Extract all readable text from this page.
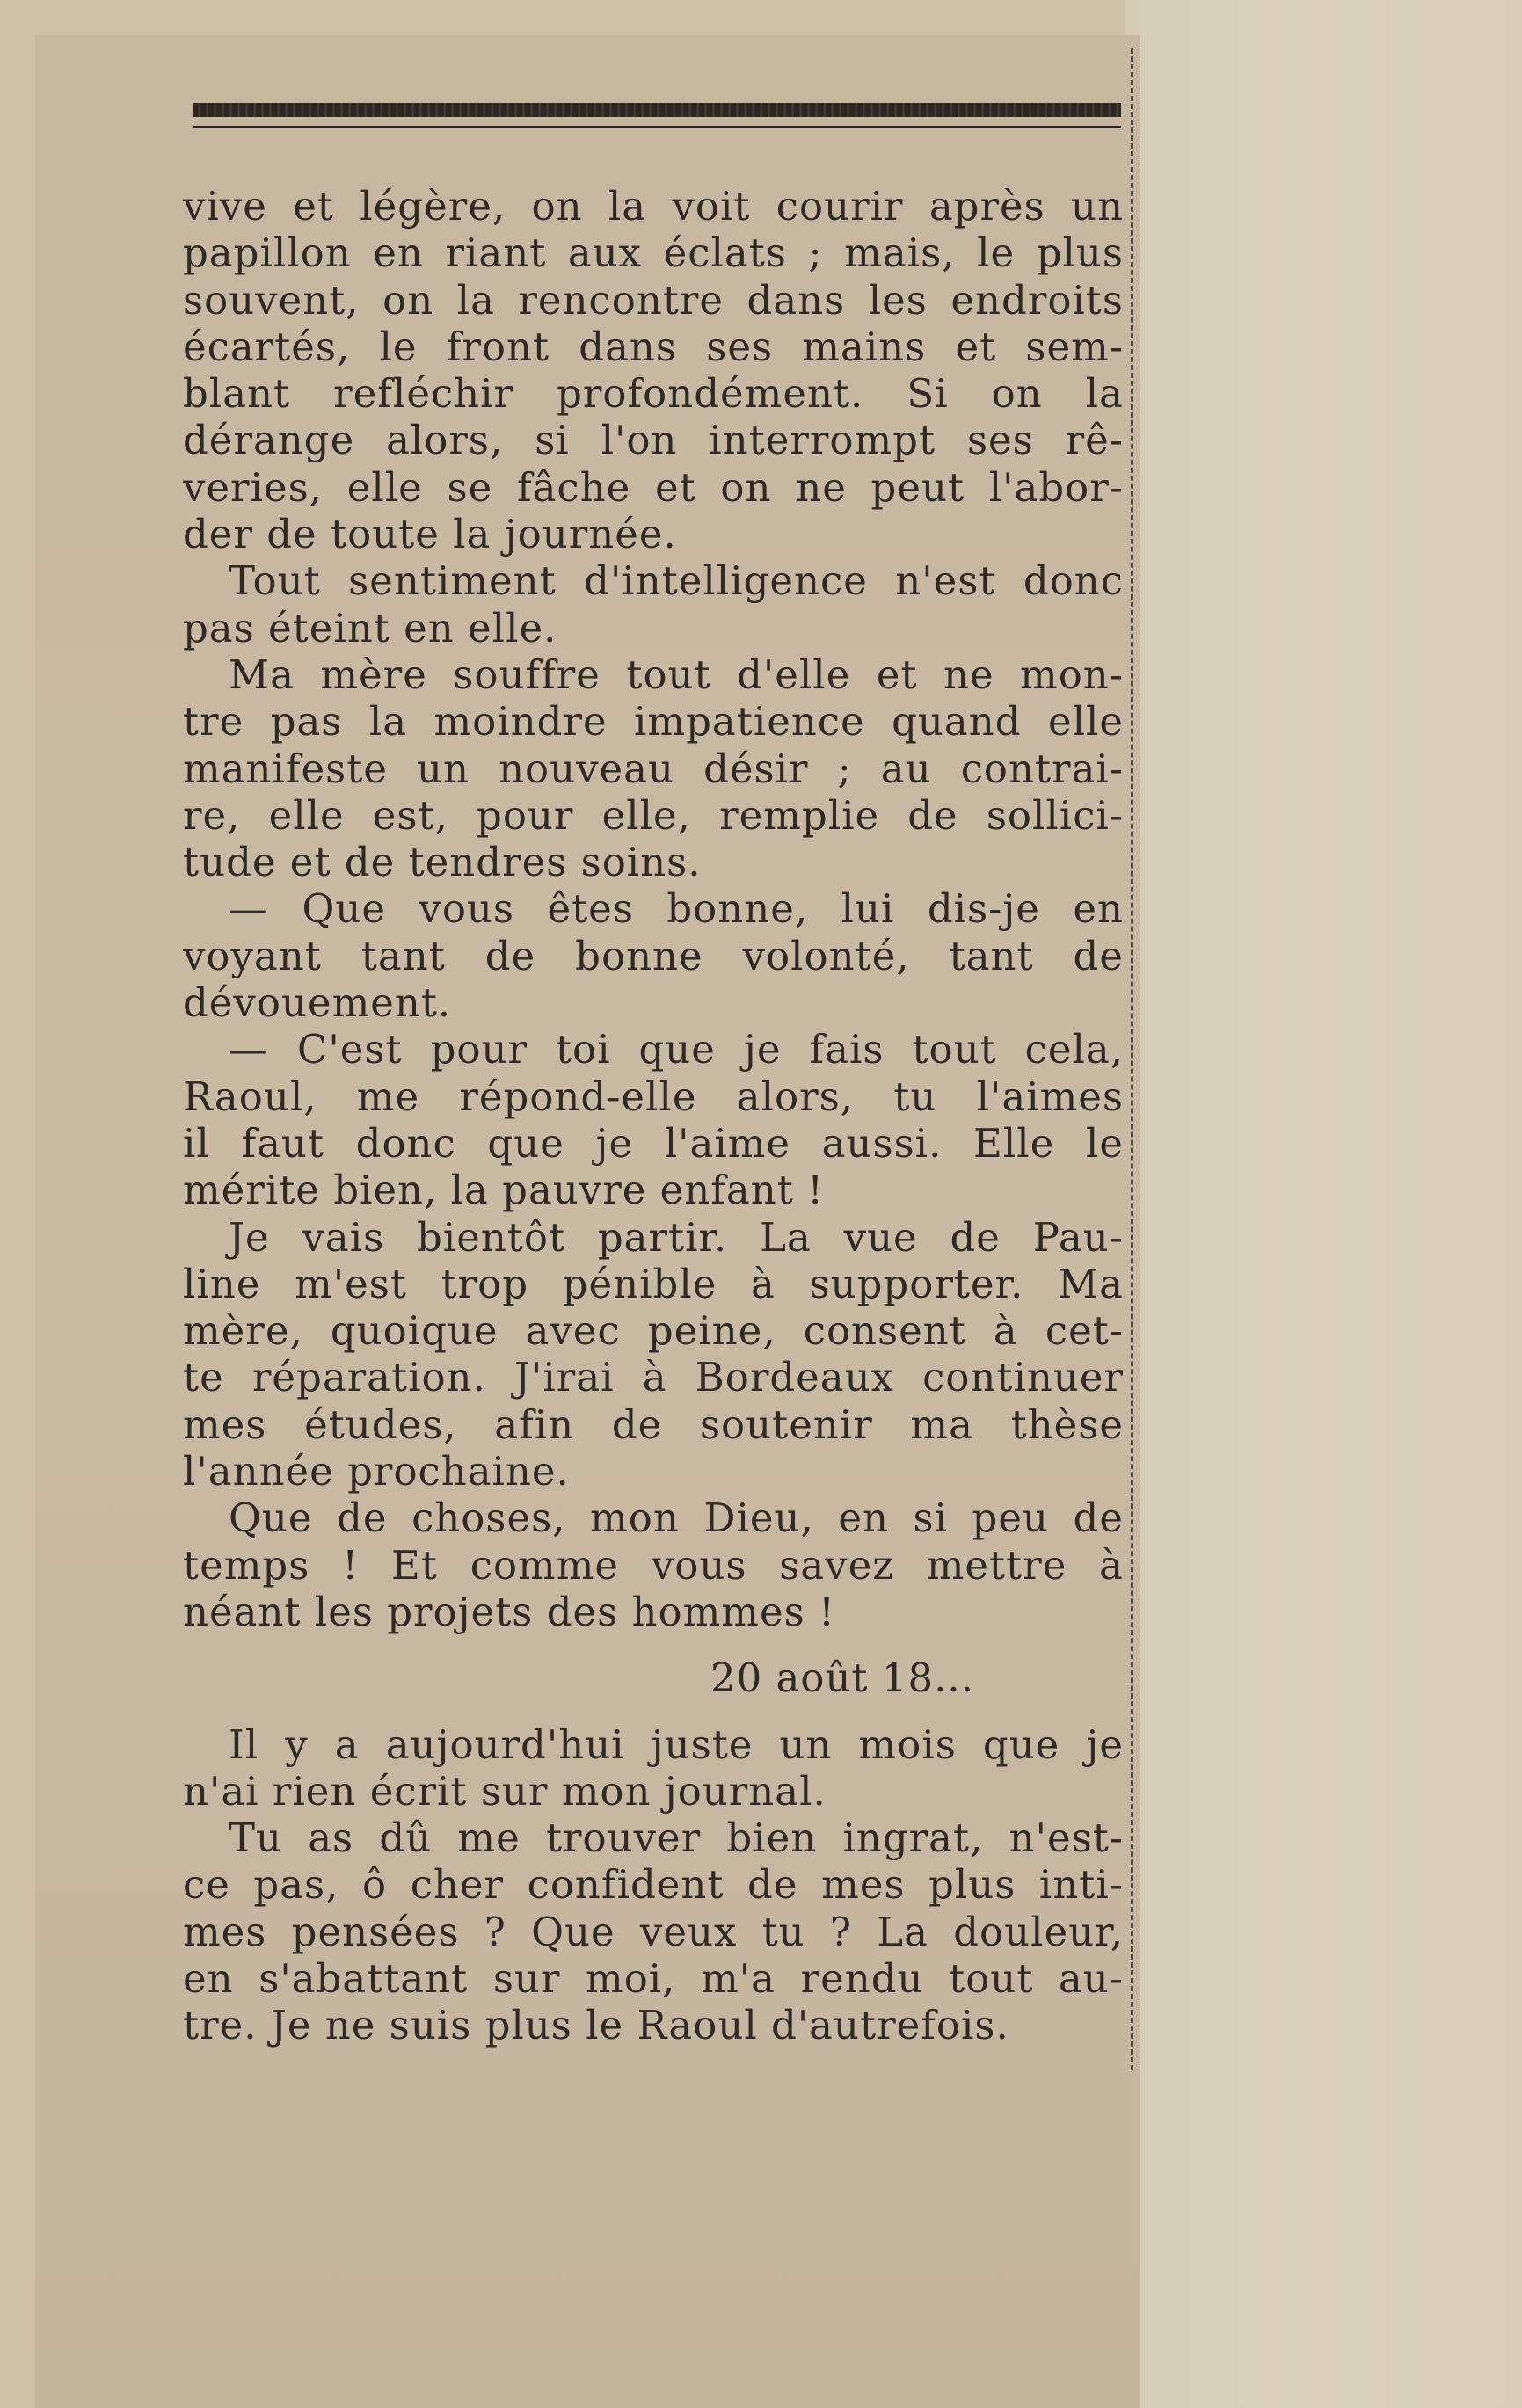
vive et légère, on la voit courir après un
papillon en riant aux éclats ; mais, le plus
souvent, on la rencontre dans les endroits
écartés, le front dans ses mains et sem-
blant refléchir profondément. Si on la
dérange alors, si l'on interrompt ses rê-
veries, elle se fâche et on ne peut l'abor-
der de toute la journée.
Tout sentiment d'intelligence n'est donc
pas éteint en elle.
Ma mère souffre tout d'elle et ne mon-
tre pas la moindre impatience quand elle
manifeste un nouveau désir ; au contrai-
re, elle est, pour elle, remplie de sollici-
tude et de tendres soins.
— Que vous êtes bonne, lui dis-je en
voyant tant de bonne volonté, tant de
dévouement.
— C'est pour toi que je fais tout cela,
Raoul, me répond-elle alors, tu l'aimes
il faut donc que je l'aime aussi. Elle le
mérite bien, la pauvre enfant !
Je vais bientôt partir. La vue de Pau-
line m'est trop pénible à supporter. Ma
mère, quoique avec peine, consent à cet-
te réparation. J'irai à Bordeaux continuer
mes études, afin de soutenir ma thèse
l'année prochaine.
Que de choses, mon Dieu, en si peu de
temps ! Et comme vous savez mettre à
néant les projets des hommes !
20 août 18...
Il y a aujourd'hui juste un mois que je
n'ai rien écrit sur mon journal.
Tu as dû me trouver bien ingrat, n'est-
ce pas, ô cher confident de mes plus inti-
mes pensées ? Que veux tu ? La douleur,
en s'abattant sur moi, m'a rendu tout au-
tre. Je ne suis plus le Raoul d'autrefois.
